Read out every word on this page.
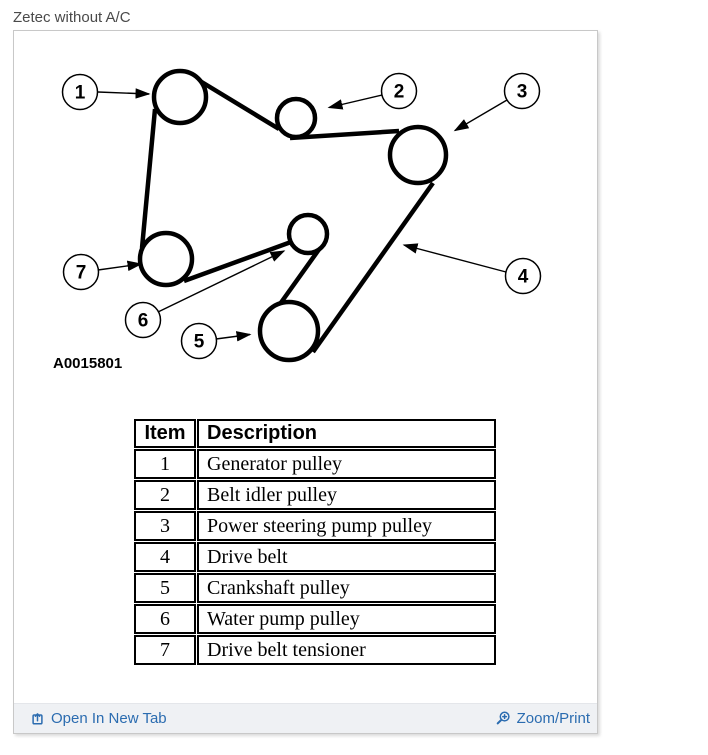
Zetec without A/C
1	2	3
4
5
6
7
A0015801
Item	Description
1	Generator pulley
2	Belt idler pulley
3	Power steering pump pulley
4	Drive belt
5	Crankshaft pulley
6	Water pump pulley
7	Drive belt tensioner
Open In New Tab	Zoom/Print
